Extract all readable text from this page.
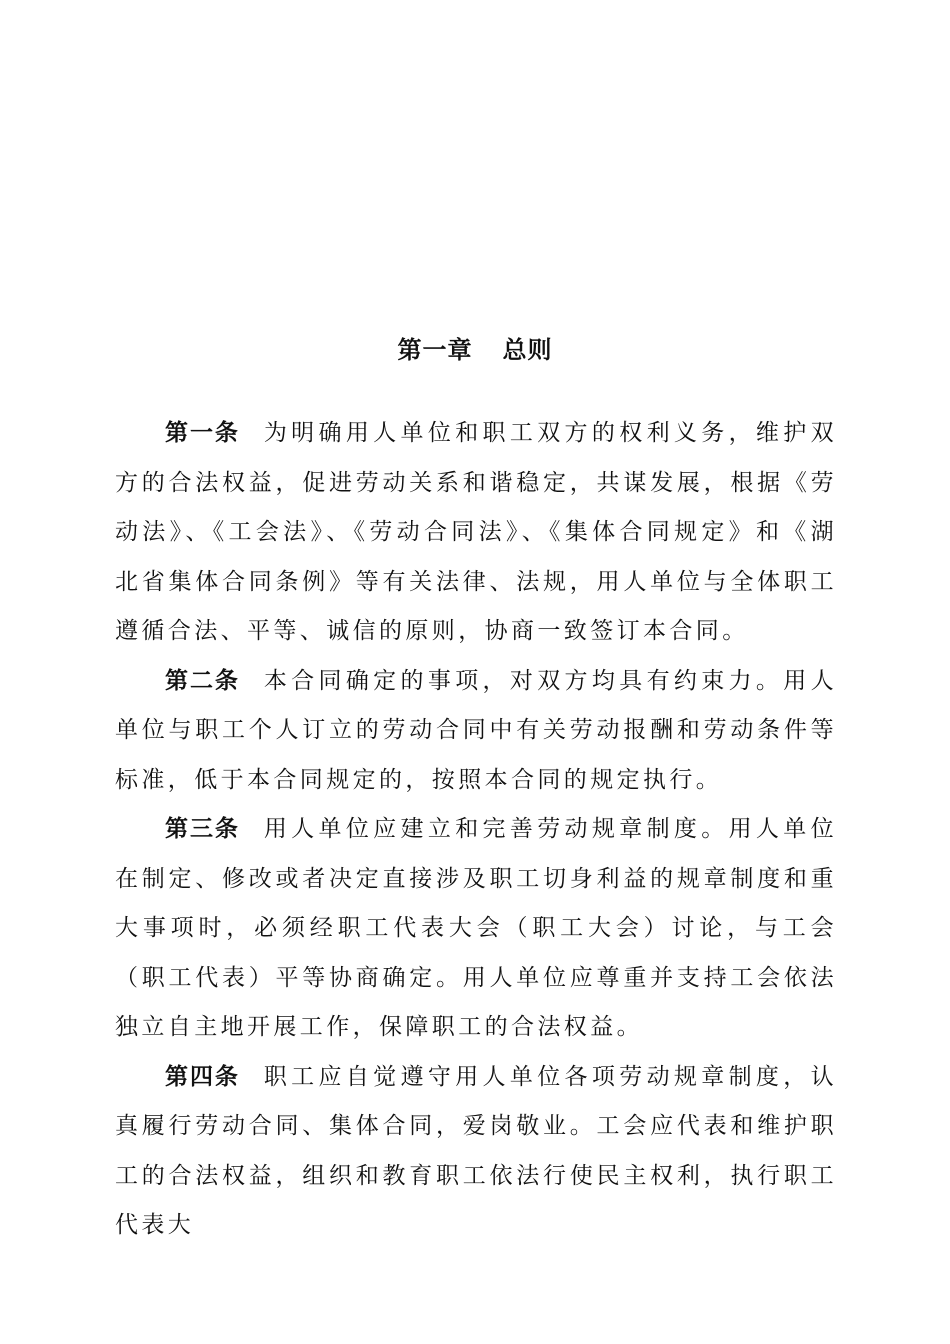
第一章 总则

第一条 为明确用人单位和职工双方的权利义务，维护双方的合法权益，促进劳动关系和谐稳定，共谋发展，根据《劳动法》、《工会法》、《劳动合同法》、《集体合同规定》和《湖北省集体合同条例》等有关法律、法规，用人单位与全体职工遵循合法、平等、诚信的原则，协商一致签订本合同。

第二条 本合同确定的事项，对双方均具有约束力。用人单位与职工个人订立的劳动合同中有关劳动报酬和劳动条件等标准，低于本合同规定的，按照本合同的规定执行。

第三条 用人单位应建立和完善劳动规章制度。用人单位在制定、修改或者决定直接涉及职工切身利益的规章制度和重大事项时，必须经职工代表大会（职工大会）讨论，与工会（职工代表）平等协商确定。用人单位应尊重并支持工会依法独立自主地开展工作，保障职工的合法权益。

第四条 职工应自觉遵守用人单位各项劳动规章制度，认真履行劳动合同、集体合同，爱岗敬业。工会应代表和维护职工的合法权益，组织和教育职工依法行使民主权利，执行职工代表大
